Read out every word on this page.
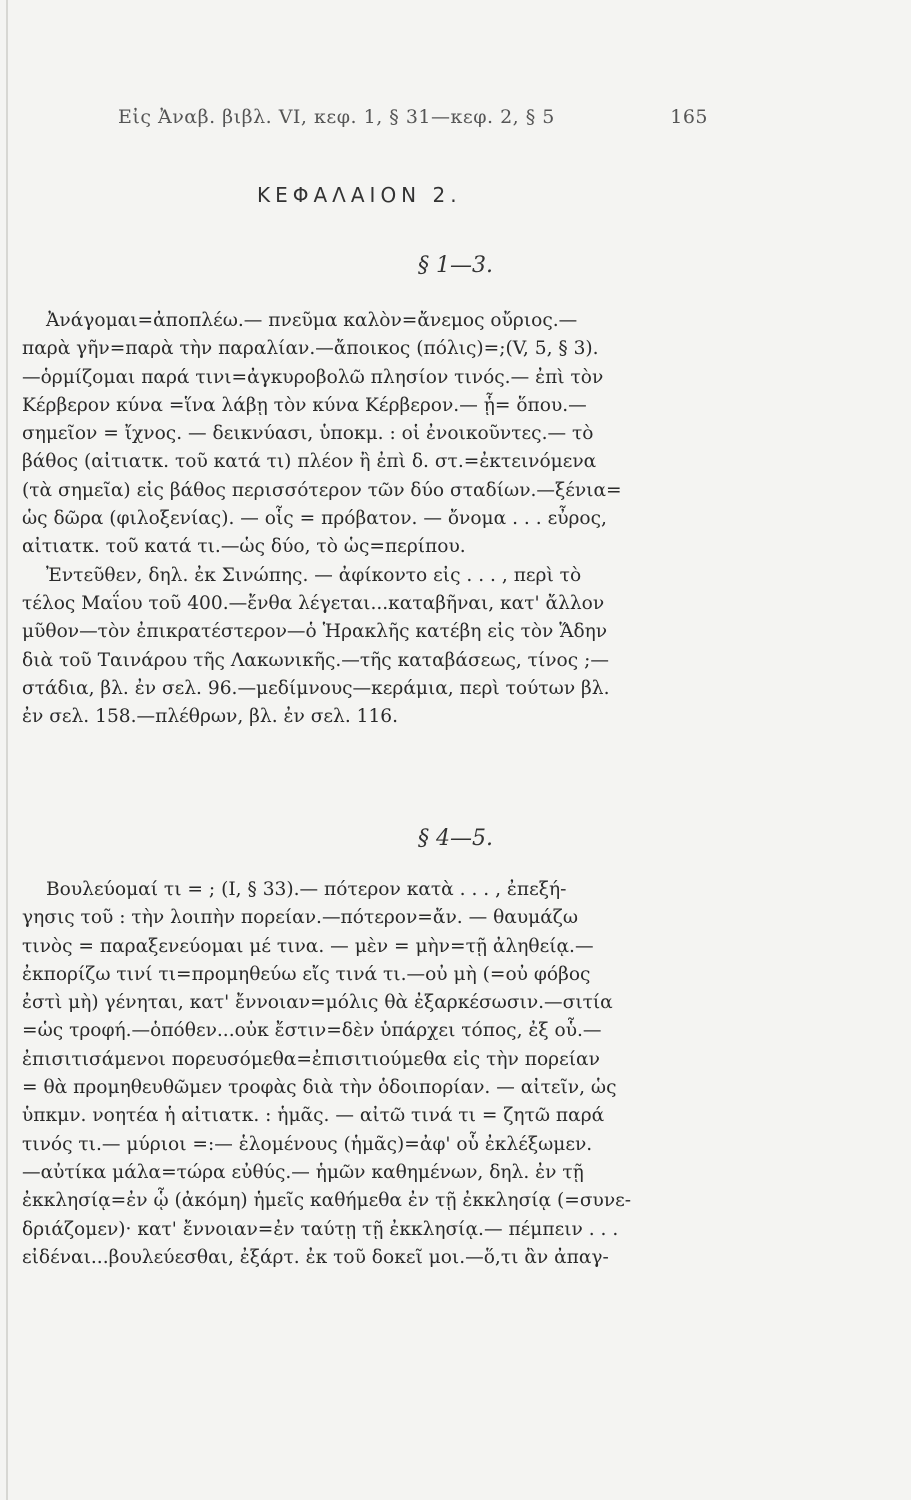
Εἰς Ἀναβ. βιβλ. VI, κεφ. 1, § 31—κεφ. 2, § 5	165
ΚΕΦΑΛΑΙΟΝ 2.
§ 1—3.
Ἀνάγομαι=ἀποπλέω.— πνεῦμα καλὸν=ἄνεμος οὔριος.—
παρὰ γῆν=παρὰ τὴν παραλίαν.—ἄποικος (πόλις)=;(V, 5, § 3).
—ὁρμίζομαι παρά τινι=ἀγκυροβολῶ πλησίον τινός.— ἐπὶ τὸν
Κέρβερον κύνα =ἵνα λάβῃ τὸν κύνα Κέρβερον.— ᾗ= ὅπου.—
σημεῖον = ἴχνος. — δεικνύασι, ὑποκμ. : οἱ ἐνοικοῦντες.— τὸ
βάθος (αἰτιατκ. τοῦ κατά τι) πλέον ἢ ἐπὶ δ. στ.=ἐκτεινόμενα
(τὰ σημεῖα) εἰς βάθος περισσότερον τῶν δύο σταδίων.—ξένια=
ὡς δῶρα (φιλοξενίας). — οἷς = πρόβατον. — ὄνομα . . . εὖρος,
αἰτιατκ. τοῦ κατά τι.—ὡς δύο, τὸ ὡς=περίπου.
Ἐντεῦθεν, δηλ. ἐκ Σινώπης. — ἀφίκοντο εἰς . . . , περὶ τὸ
τέλος Μαΐου τοῦ 400.—ἔνθα λέγεται...καταβῆναι, κατ' ἄλλον
μῦθον—τὸν ἐπικρατέστερον—ὁ Ἡρακλῆς κατέβη εἰς τὸν Ἅδην
διὰ τοῦ Ταινάρου τῆς Λακωνικῆς.—τῆς καταβάσεως, τίνος ;—
στάδια, βλ. ἐν σελ. 96.—μεδίμνους—κεράμια, περὶ τούτων βλ.
ἐν σελ. 158.—πλέθρων, βλ. ἐν σελ. 116.
§ 4—5.
Βουλεύομαί τι = ; (I, § 33).— πότερον κατὰ . . . , ἐπεξή-
γησις τοῦ : τὴν λοιπὴν πορείαν.—πότερον=ἄν. — θαυμάζω
τινὸς = παραξενεύομαι μέ τινα. — μὲν = μὴν=τῇ ἀληθείᾳ.—
ἐκπορίζω τινί τι=προμηθεύω εἴς τινά τι.—οὐ μὴ (=οὐ φόβος
ἐστὶ μὴ) γένηται, κατ' ἔννοιαν=μόλις θὰ ἐξαρκέσωσιν.—σιτία
=ὡς τροφή.—ὁπόθεν...οὐκ ἔστιν=δὲν ὑπάρχει τόπος, ἐξ οὗ.—
ἐπισιτισάμενοι πορευσόμεθα=ἐπισιτιούμεθα εἰς τὴν πορείαν
= θὰ προμηθευθῶμεν τροφὰς διὰ τὴν ὁδοιπορίαν. — αἰτεῖν, ὡς
ὑπκμν. νοητέα ἡ αἰτιατκ. : ἡμᾶς. — αἰτῶ τινά τι = ζητῶ παρά
τινός τι.— μύριοι =:— ἑλομένους (ἡμᾶς)=ἀφ' οὗ ἐκλέξωμεν.
—αὐτίκα μάλα=τώρα εὐθύς.— ἡμῶν καθημένων, δηλ. ἐν τῇ
ἐκκλησίᾳ=ἐν ᾧ (ἀκόμη) ἡμεῖς καθήμεθα ἐν τῇ ἐκκλησίᾳ (=συνε-
δριάζομεν)· κατ' ἔννοιαν=ἐν ταύτῃ τῇ ἐκκλησίᾳ.— πέμπειν . . .
εἰδέναι...βουλεύεσθαι, ἐξάρτ. ἐκ τοῦ δοκεῖ μοι.—ὅ,τι ἂν ἀπαγ-
